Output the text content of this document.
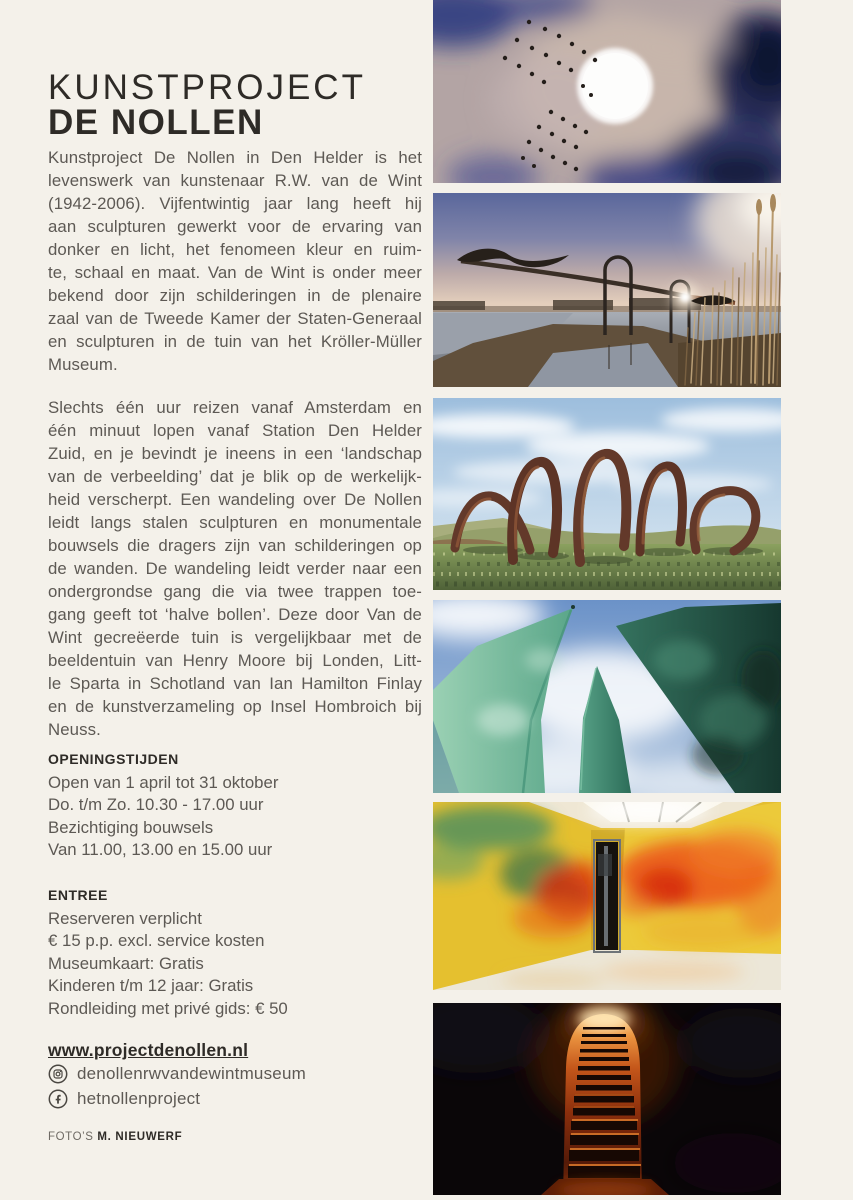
KUNSTPROJECT
DE NOLLEN
Kunstproject De Nollen in Den Helder is het
levenswerk van kunstenaar R.W. van de Wint
(1942-2006). Vijfentwintig jaar lang heeft hij
aan sculpturen gewerkt voor de ervaring van
donker en licht, het fenomeen kleur en ruim-
te, schaal en maat. Van de Wint is onder meer
bekend door zijn schilderingen in de plenaire
zaal van de Tweede Kamer der Staten-Generaal
en sculpturen in de tuin van het Kröller-Müller
Museum.
Slechts één uur reizen vanaf Amsterdam en
één minuut lopen vanaf Station Den Helder
Zuid, en je bevindt je ineens in een ‘landschap
van de verbeelding’ dat je blik op de werkelijk-
heid verscherpt. Een wandeling over De Nollen
leidt langs stalen sculpturen en monumentale
bouwsels die dragers zijn van schilderingen op
de wanden. De wandeling leidt verder naar een
ondergrondse gang die via twee trappen toe-
gang geeft tot ‘halve bollen’. Deze door Van de
Wint gecreëerde tuin is vergelijkbaar met de
beeldentuin van Henry Moore bij Londen, Litt-
le Sparta in Schotland van Ian Hamilton Finlay
en de kunstverzameling op Insel Hombroich bij
Neuss.
OPENINGSTIJDEN
Open van 1 april tot 31 oktober
Do. t/m Zo. 10.30 - 17.00 uur
Bezichtiging bouwsels
Van 11.00, 13.00 en 15.00 uur
ENTREE
Reserveren verplicht
€ 15 p.p. excl. service kosten
Museumkaart: Gratis
Kinderen t/m 12 jaar: Gratis
Rondleiding met privé gids: € 50
www.projectdenollen.nl
denollenrwvandewintmuseum
hetnollenproject
FOTO’S M. NIEUWERF
